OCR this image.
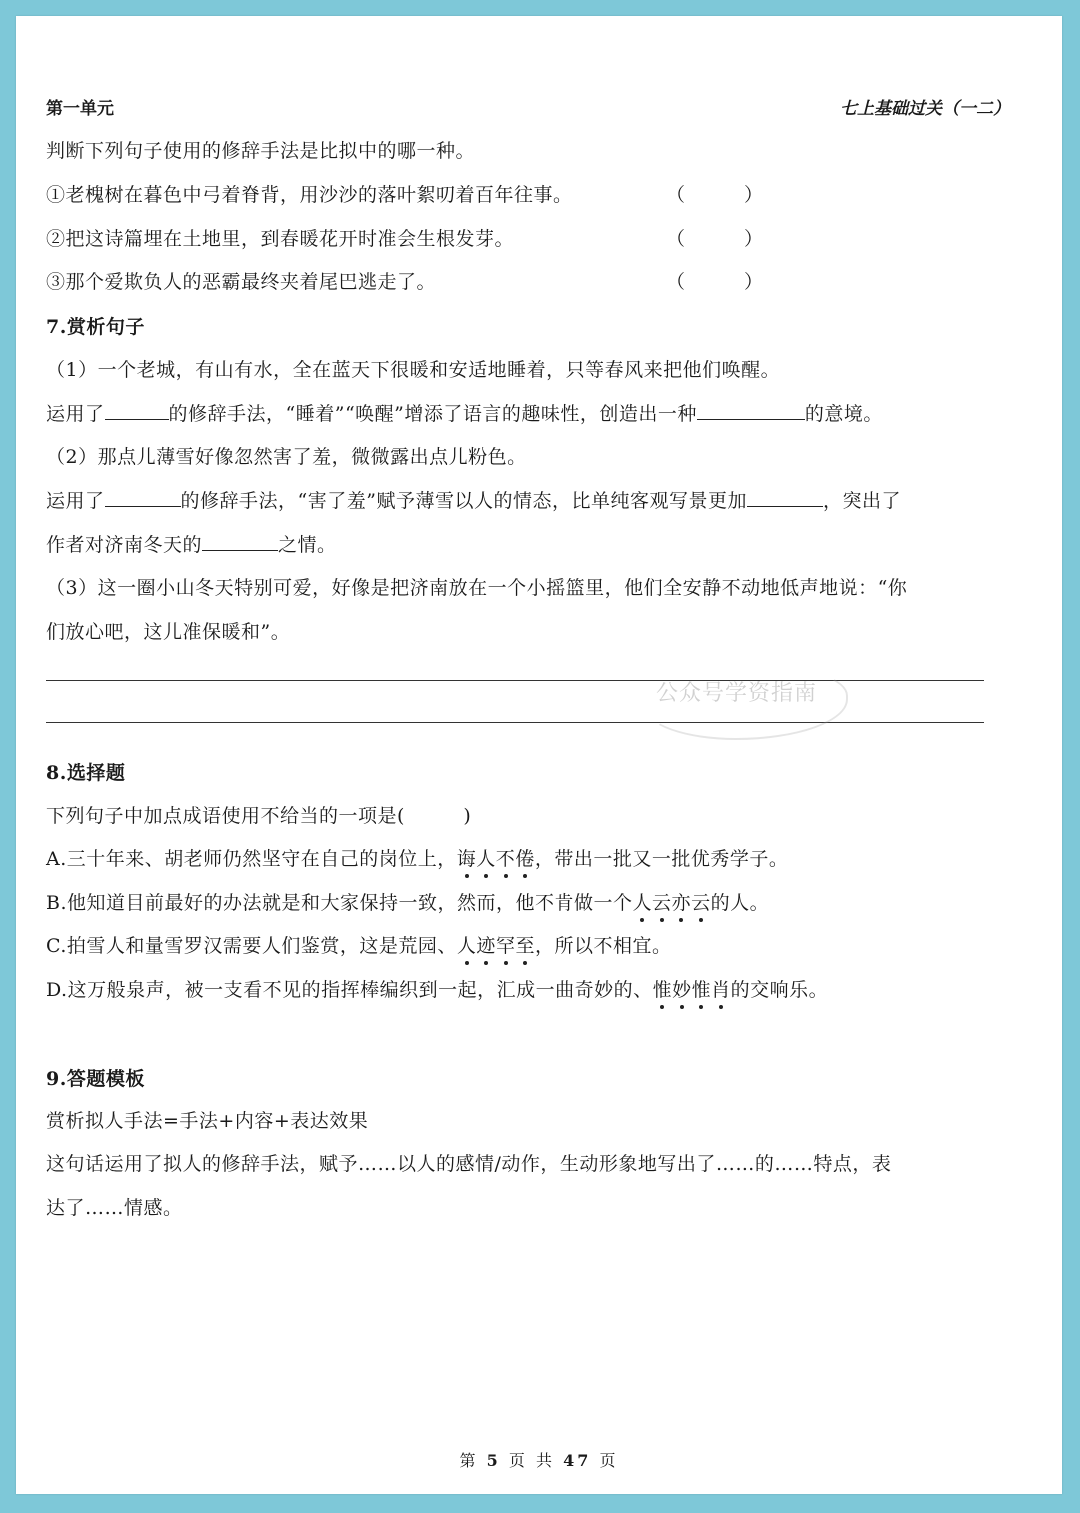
第一单元	七上基础过关（一二）
判断下列句子使用的修辞手法是比拟中的哪一种。
①老槐树在暮色中弓着脊背，用沙沙的落叶絮叨着百年往事。	（　　　）
②把这诗篇埋在土地里，到春暖花开时准会生根发芽。	（　　　）
③那个爱欺负人的恶霸最终夹着尾巴逃走了。	（　　　）
7.赏析句子
（1）一个老城，有山有水，全在蓝天下很暖和安适地睡着，只等春风来把他们唤醒。
运用了	的修辞手法，“睡着”“唤醒”增添了语言的趣味性，创造出一种	的意境。
（2）那点儿薄雪好像忽然害了羞，微微露出点儿粉色。
运用了	的修辞手法，“害了羞”赋予薄雪以人的情态，比单纯客观写景更加	，突出了
作者对济南冬天的	之情。
（3）这一圈小山冬天特别可爱，好像是把济南放在一个小摇篮里，他们全安静不动地低声地说：“你
们放心吧，这儿准保暖和”。
公众号学资指南
8.选择题
下列句子中加点成语使用不给当的一项是(　　　)
A.三十年来、胡老师仍然坚守在自己的岗位上，诲人不倦，带出一批又一批优秀学子。
B.他知道目前最好的办法就是和大家保持一致，然而，他不肯做一个人云亦云的人。
C.拍雪人和量雪罗汉需要人们鉴赏，这是荒园、人迹罕至，所以不相宜。
D.这万般泉声，被一支看不见的指挥棒编织到一起，汇成一曲奇妙的、惟妙惟肖的交响乐。
9.答题模板
赏析拟人手法=手法+内容+表达效果
这句话运用了拟人的修辞手法，赋予……以人的感情/动作，生动形象地写出了……的……特点，表
达了……情感。
第 5 页 共 47 页
